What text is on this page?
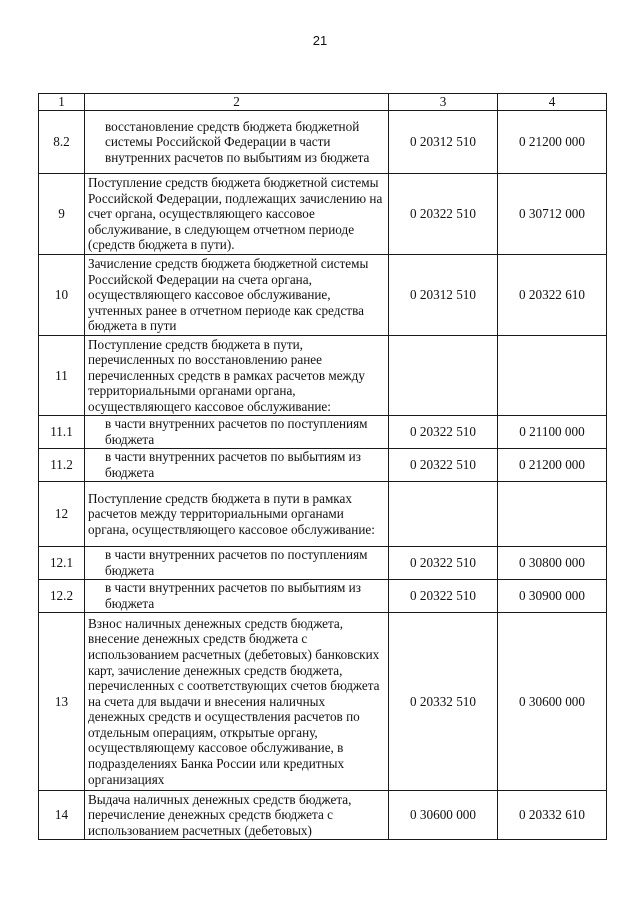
21
1	2	3	4
8.2	восстановление средств бюджета бюджетной системы Российской Федерации в части внутренних расчетов по выбытиям из бюджета	0 20312 510	0 21200 000
9	Поступление средств бюджета бюджетной системы Российской Федерации, подлежащих зачислению на счет органа, осуществляющего кассовое обслуживание, в следующем отчетном периоде (средств бюджета в пути).	0 20322 510	0 30712 000
10	Зачисление средств бюджета бюджетной системы Российской Федерации на счета органа, осуществляющего кассовое обслуживание, учтенных ранее в отчетном периоде как средства бюджета в пути	0 20312 510	0 20322 610
11	Поступление средств бюджета в пути, перечисленных по восстановлению ранее перечисленных средств в рамках расчетов между территориальными органами органа, осуществляющего кассовое обслуживание:		
11.1	в части внутренних расчетов по поступлениям бюджета	0 20322 510	0 21100 000
11.2	в части внутренних расчетов по выбытиям из бюджета	0 20322 510	0 21200 000
12	Поступление средств бюджета в пути в рамках расчетов между территориальными органами органа, осуществляющего кассовое обслуживание:		
12.1	в части внутренних расчетов по поступлениям бюджета	0 20322 510	0 30800 000
12.2	в части внутренних расчетов по выбытиям из бюджета	0 20322 510	0 30900 000
13	Взнос наличных денежных средств бюджета, внесение денежных средств бюджета с использованием расчетных (дебетовых) банковских карт, зачисление денежных средств бюджета, перечисленных с соответствующих счетов бюджета на счета для выдачи и внесения наличных денежных средств и осуществления расчетов по отдельным операциям, открытые органу, осуществляющему кассовое обслуживание, в подразделениях Банка России или кредитных организациях	0 20332 510	0 30600 000
14	Выдача наличных денежных средств бюджета, перечисление денежных средств бюджета с использованием расчетных (дебетовых)	0 30600 000	0 20332 610
